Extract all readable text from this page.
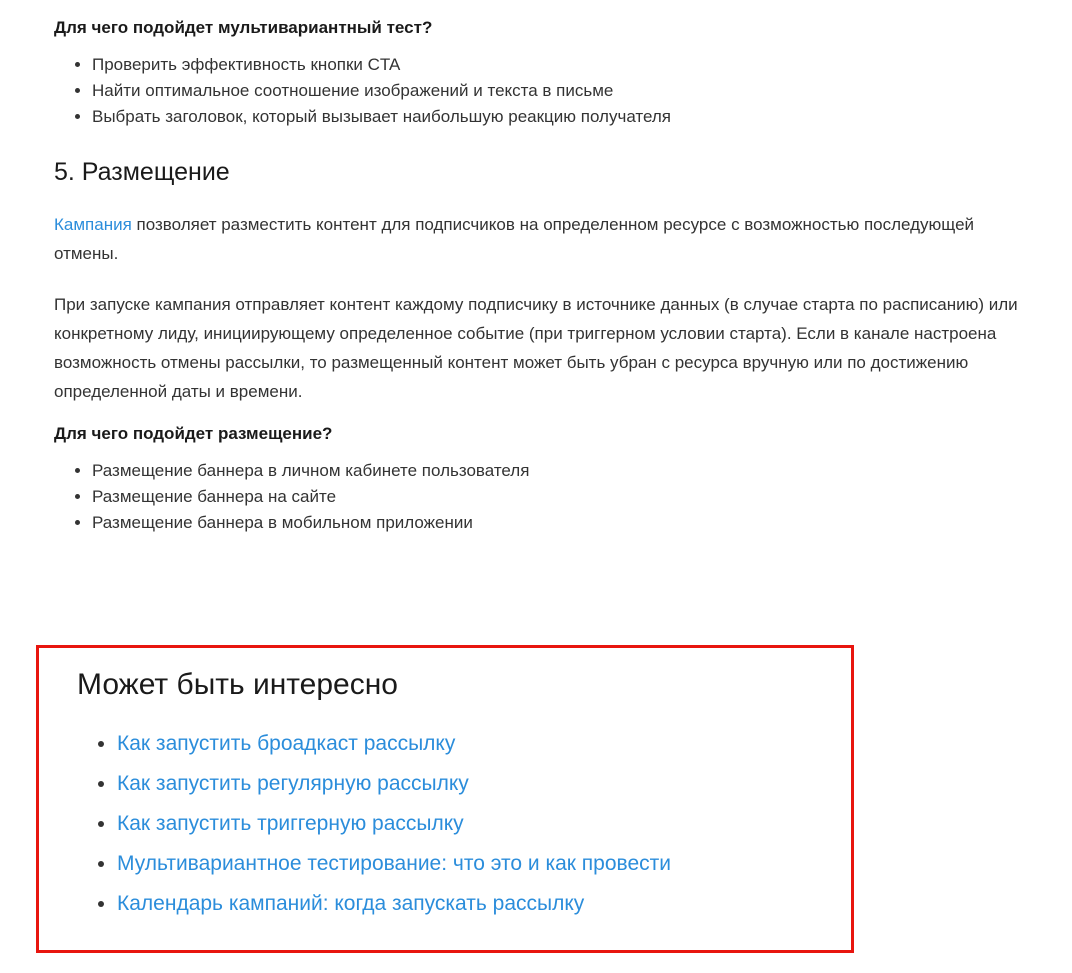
Для чего подойдет мультивариантный тест?
• Проверить эффективность кнопки CTA
• Найти оптимальное соотношение изображений и текста в письме
• Выбрать заголовок, который вызывает наибольшую реакцию получателя
5. Размещение

Кампания позволяет разместить контент для подписчиков на определенном ресурсе с возможностью последующей отмены.

При запуске кампания отправляет контент каждому подписчику в источнике данных (в случае старта по расписанию) или конкретному лиду, инициирующему определенное событие (при триггерном условии старта). Если в канале настроена возможность отмены рассылки, то размещенный контент может быть убран с ресурса вручную или по достижению определенной даты и времени.

Для чего подойдет размещение?
• Размещение баннера в личном кабинете пользователя
• Размещение баннера на сайте
• Размещение баннера в мобильном приложении
Может быть интересно
• Как запустить броадкаст рассылку
• Как запустить регулярную рассылку
• Как запустить триггерную рассылку
• Мультивариантное тестирование: что это и как провести
• Календарь кампаний: когда запускать рассылку
